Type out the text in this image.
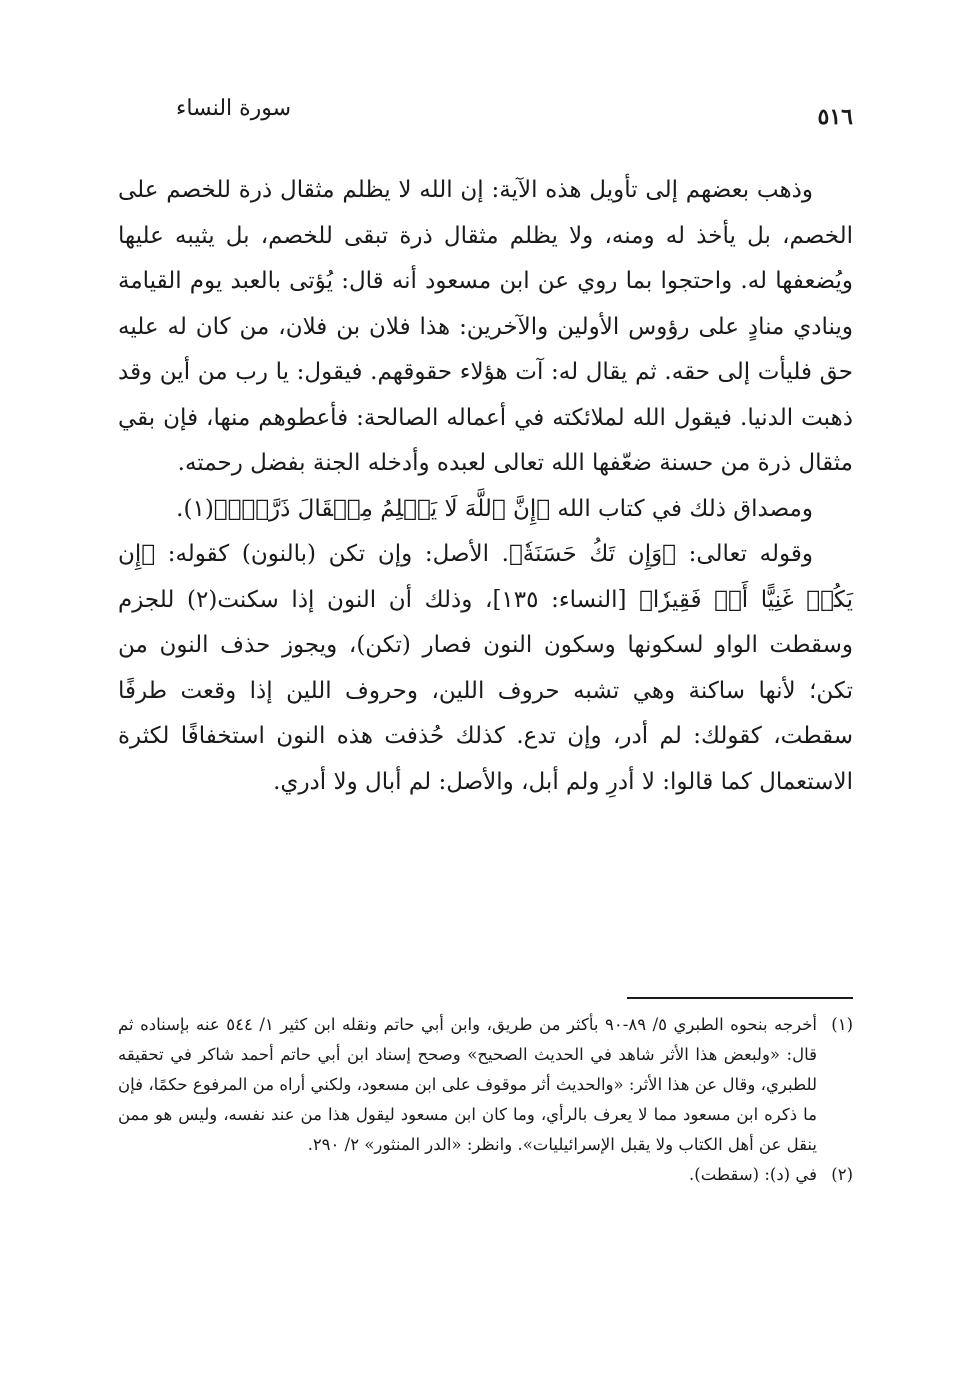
٥١٦
سورة النساء

وذهب بعضهم إلى تأويل هذه الآية: إن الله لا يظلم مثقال ذرة للخصم على الخصم، بل يأخذ له ومنه، ولا يظلم مثقال ذرة تبقى للخصم، بل يثيبه عليها ويُضعفها له. واحتجوا بما روي عن ابن مسعود أنه قال: يُؤتى بالعبد يوم القيامة وينادي منادٍ على رؤوس الأولين والآخرين: هذا فلان بن فلان، من كان له عليه حق فليأت إلى حقه. ثم يقال له: آت هؤلاء حقوقهم. فيقول: يا رب من أين وقد ذهبت الدنيا. فيقول الله لملائكته في أعماله الصالحة: فأعطوهم منها، فإن بقي مثقال ذرة من حسنة ضعّفها الله تعالى لعبده وأدخله الجنة بفضل رحمته.

ومصداق ذلك في كتاب الله ﴿إِنَّ ٱللَّهَ لَا يَظۡلِمُ مِثۡقَالَ ذَرَّةٖۖ﴾(١).

وقوله تعالى: ﴿وَإِن تَكُ حَسَنَةٗ﴾. الأصل: وإن تكن (بالنون) كقوله: ﴿إِن يَكُنۡ غَنِيًّا أَوۡ فَقِيرٗا﴾ [النساء: ١٣٥]، وذلك أن النون إذا سكنت(٢) للجزم وسقطت الواو لسكونها وسكون النون فصار (تكن)، ويجوز حذف النون من تكن؛ لأنها ساكنة وهي تشبه حروف اللين، وحروف اللين إذا وقعت طرفًا سقطت، كقولك: لم أدر، وإن تدع. كذلك حُذفت هذه النون استخفافًا لكثرة الاستعمال كما قالوا: لا أدرِ ولم أبل، والأصل: لم أبال ولا أدري.

(١)
أخرجه بنحوه الطبري ٥/ ٨٩-٩٠ بأكثر من طريق، وابن أبي حاتم ونقله ابن كثير ١/ ٥٤٤ عنه بإسناده ثم قال: «ولبعض هذا الأثر شاهد في الحديث الصحيح» وصحح إسناد ابن أبي حاتم أحمد شاكر في تحقيقه للطبري، وقال عن هذا الأثر: «والحديث أثر موقوف على ابن مسعود، ولكني أراه من المرفوع حكمًا، فإن ما ذكره ابن مسعود مما لا يعرف بالرأي، وما كان ابن مسعود ليقول هذا من عند نفسه، وليس هو ممن ينقل عن أهل الكتاب ولا يقبل الإسرائيليات». وانظر: «الدر المنثور» ٢/ ٢٩٠.

(٢)
في (د): (سقطت).
